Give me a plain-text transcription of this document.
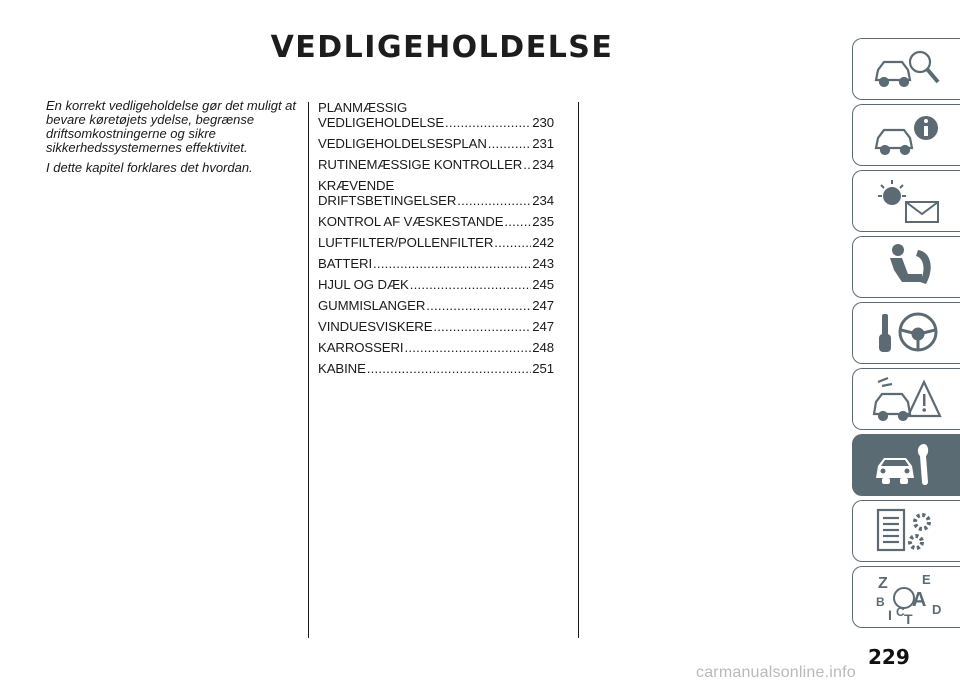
VEDLIGEHOLDELSE

En korrekt vedligeholdelse gør det muligt at bevare køretøjets ydelse, begrænse driftsomkostningerne og sikre sikkerhedssystemernes effektivitet.

I dette kapitel forklares det hvordan.

PLANMÆSSIG
VEDLIGEHOLDELSE .....	230
VEDLIGEHOLDELSESPLAN .....	231
RUTINEMÆSSIGE KONTROLLER ..... 234
KRÆVENDE
DRIFTSBETINGELSER .....	234
KONTROL AF VÆSKESTANDE ..... 235
LUFTFILTER/POLLENFILTER .....	242
BATTERI .....	243
HJUL OG DÆK .....	245
GUMMISLANGER .....	247
VINDUESVISKERE .....	247
KARROSSERI .....	248
KABINE .....	251
Z	E
B A
I C D
T
229
carmanualsonline.info
